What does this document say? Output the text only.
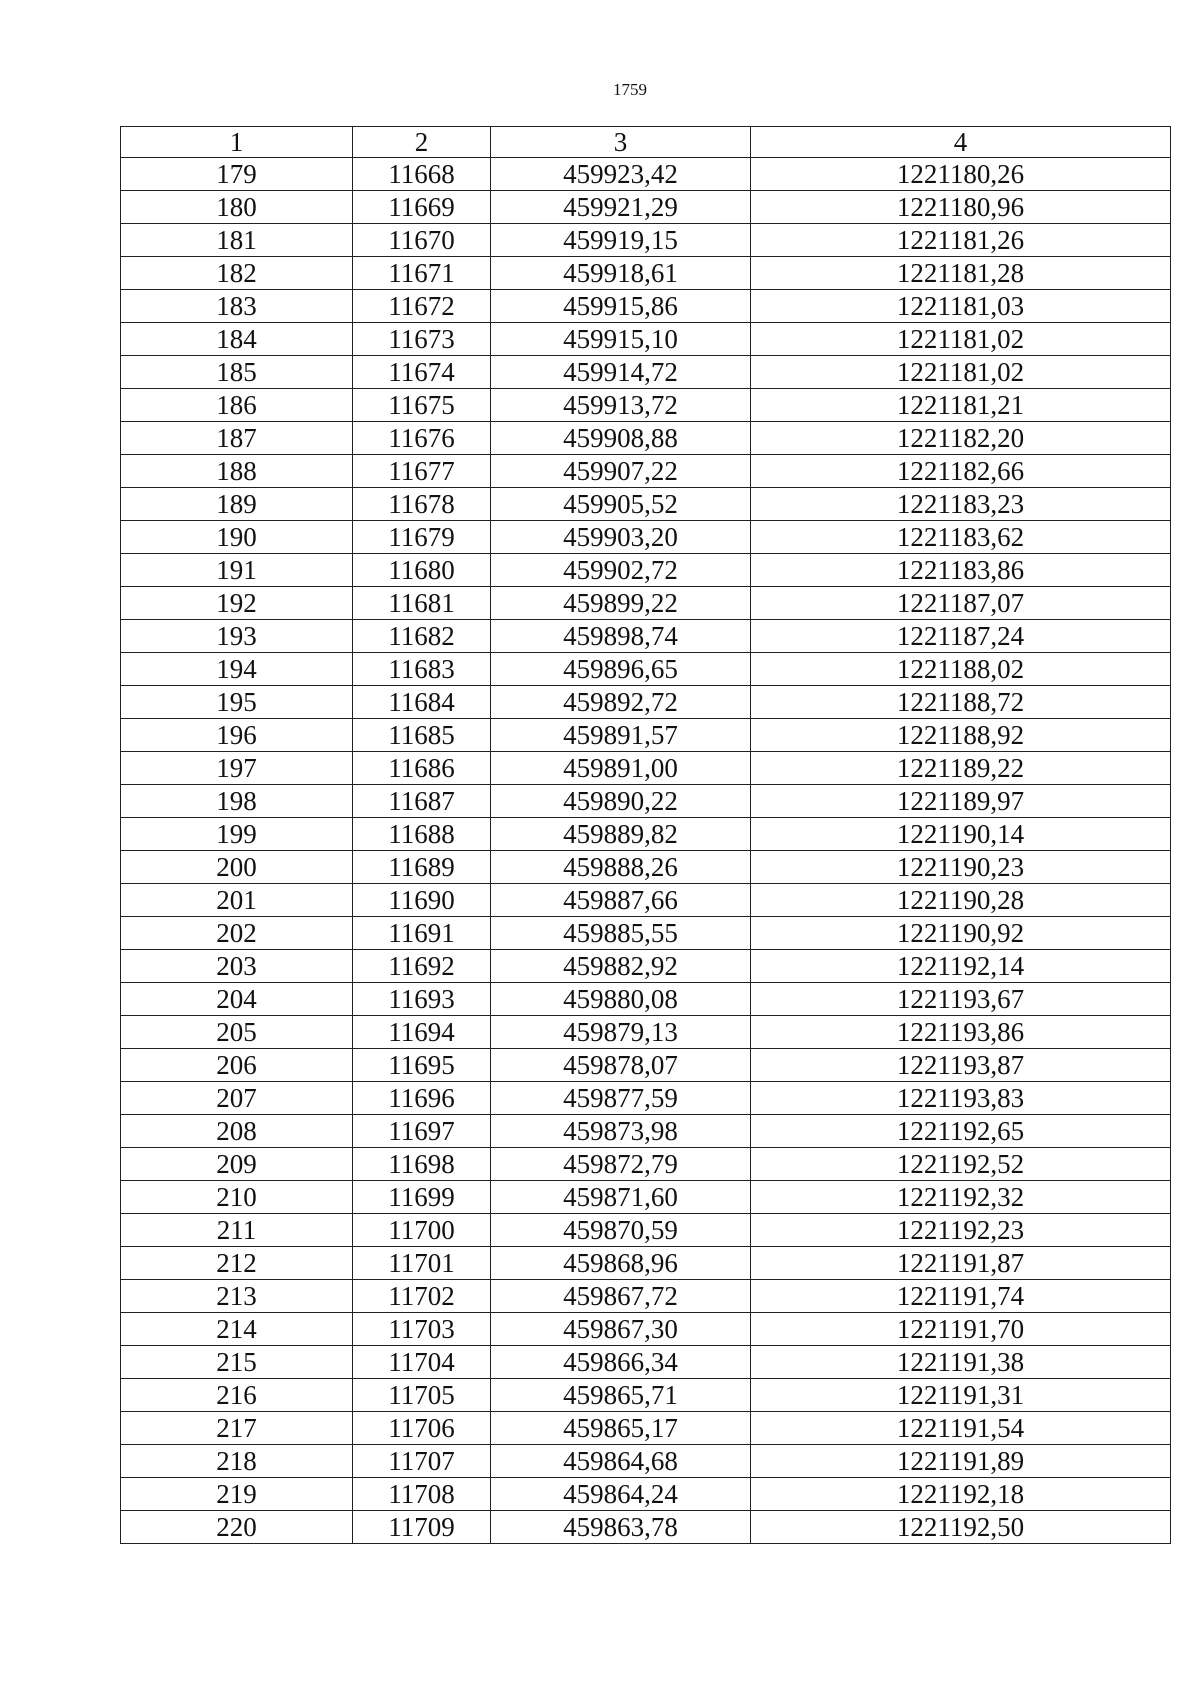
1759
1	2	3	4
179	11668	459923,42	1221180,26
180	11669	459921,29	1221180,96
181	11670	459919,15	1221181,26
182	11671	459918,61	1221181,28
183	11672	459915,86	1221181,03
184	11673	459915,10	1221181,02
185	11674	459914,72	1221181,02
186	11675	459913,72	1221181,21
187	11676	459908,88	1221182,20
188	11677	459907,22	1221182,66
189	11678	459905,52	1221183,23
190	11679	459903,20	1221183,62
191	11680	459902,72	1221183,86
192	11681	459899,22	1221187,07
193	11682	459898,74	1221187,24
194	11683	459896,65	1221188,02
195	11684	459892,72	1221188,72
196	11685	459891,57	1221188,92
197	11686	459891,00	1221189,22
198	11687	459890,22	1221189,97
199	11688	459889,82	1221190,14
200	11689	459888,26	1221190,23
201	11690	459887,66	1221190,28
202	11691	459885,55	1221190,92
203	11692	459882,92	1221192,14
204	11693	459880,08	1221193,67
205	11694	459879,13	1221193,86
206	11695	459878,07	1221193,87
207	11696	459877,59	1221193,83
208	11697	459873,98	1221192,65
209	11698	459872,79	1221192,52
210	11699	459871,60	1221192,32
211	11700	459870,59	1221192,23
212	11701	459868,96	1221191,87
213	11702	459867,72	1221191,74
214	11703	459867,30	1221191,70
215	11704	459866,34	1221191,38
216	11705	459865,71	1221191,31
217	11706	459865,17	1221191,54
218	11707	459864,68	1221191,89
219	11708	459864,24	1221192,18
220	11709	459863,78	1221192,50
